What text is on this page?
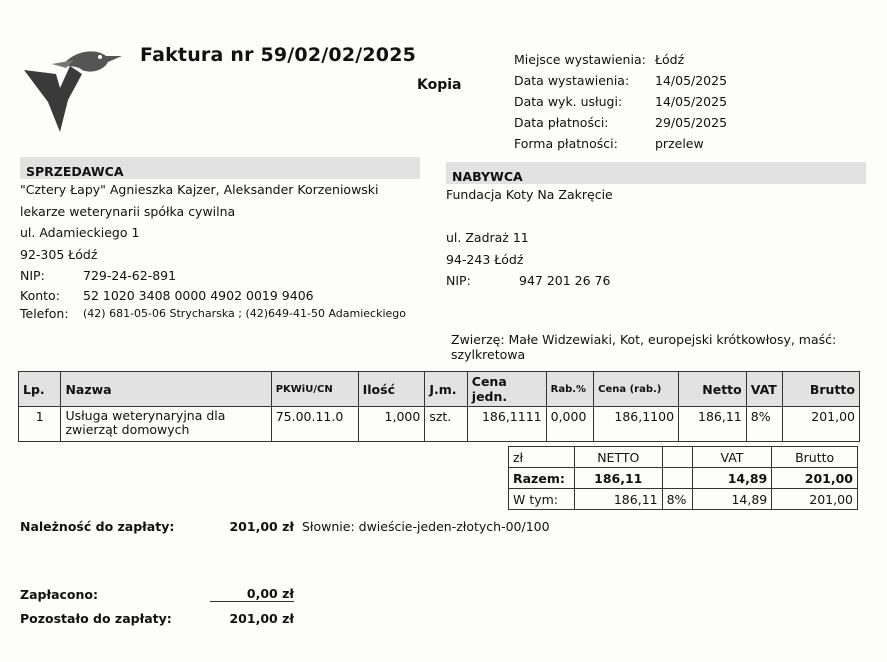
Faktura nr 59/02/02/2025
Kopia
Miejsce wystawienia: Łódź
Data wystawienia:	14/05/2025
Data wyk. usługi:	14/05/2025
Data płatności:	29/05/2025
Forma płatności:	przelew
SPRZEDAWCA
"Cztery Łapy" Agnieszka Kajzer, Aleksander Korzeniowski
lekarze weterynarii spółka cywilna
ul. Adamieckiego 1
92-305 Łódź
NIP:	729-24-62-891
Konto:	52 1020 3408 0000 4902 0019 9406
Telefon:	(42) 681-05-06 Strycharska ; (42)649-41-50 Adamieckiego
NABYWCA
Fundacja Koty Na Zakręcie
ul. Zadraż 11
94-243 Łódź
NIP:	947 201 26 76
Zwierzę: Małe Widzewiaki, Kot, europejski krótkowłosy, maść: szylkretowa
Lp.	Nazwa	PKWiU/CN	Ilość	J.m.	Cena jedn.	Rab.%	Cena (rab.)	Netto	VAT	Brutto
1	Usługa weterynaryjna dla zwierząt domowych	75.00.11.0	1,000	szt.	186,1111	0,000	186,1100	186,11	8%	201,00
zł	NETTO		VAT	Brutto
Razem:	186,11		14,89	201,00
W tym:	186,11	8%	14,89	201,00
Należność do zapłaty:	201,00 zł Słownie: dwieście-jeden-złotych-00/100
Zapłacono:	0,00 zł
Pozostało do zapłaty:	201,00 zł
